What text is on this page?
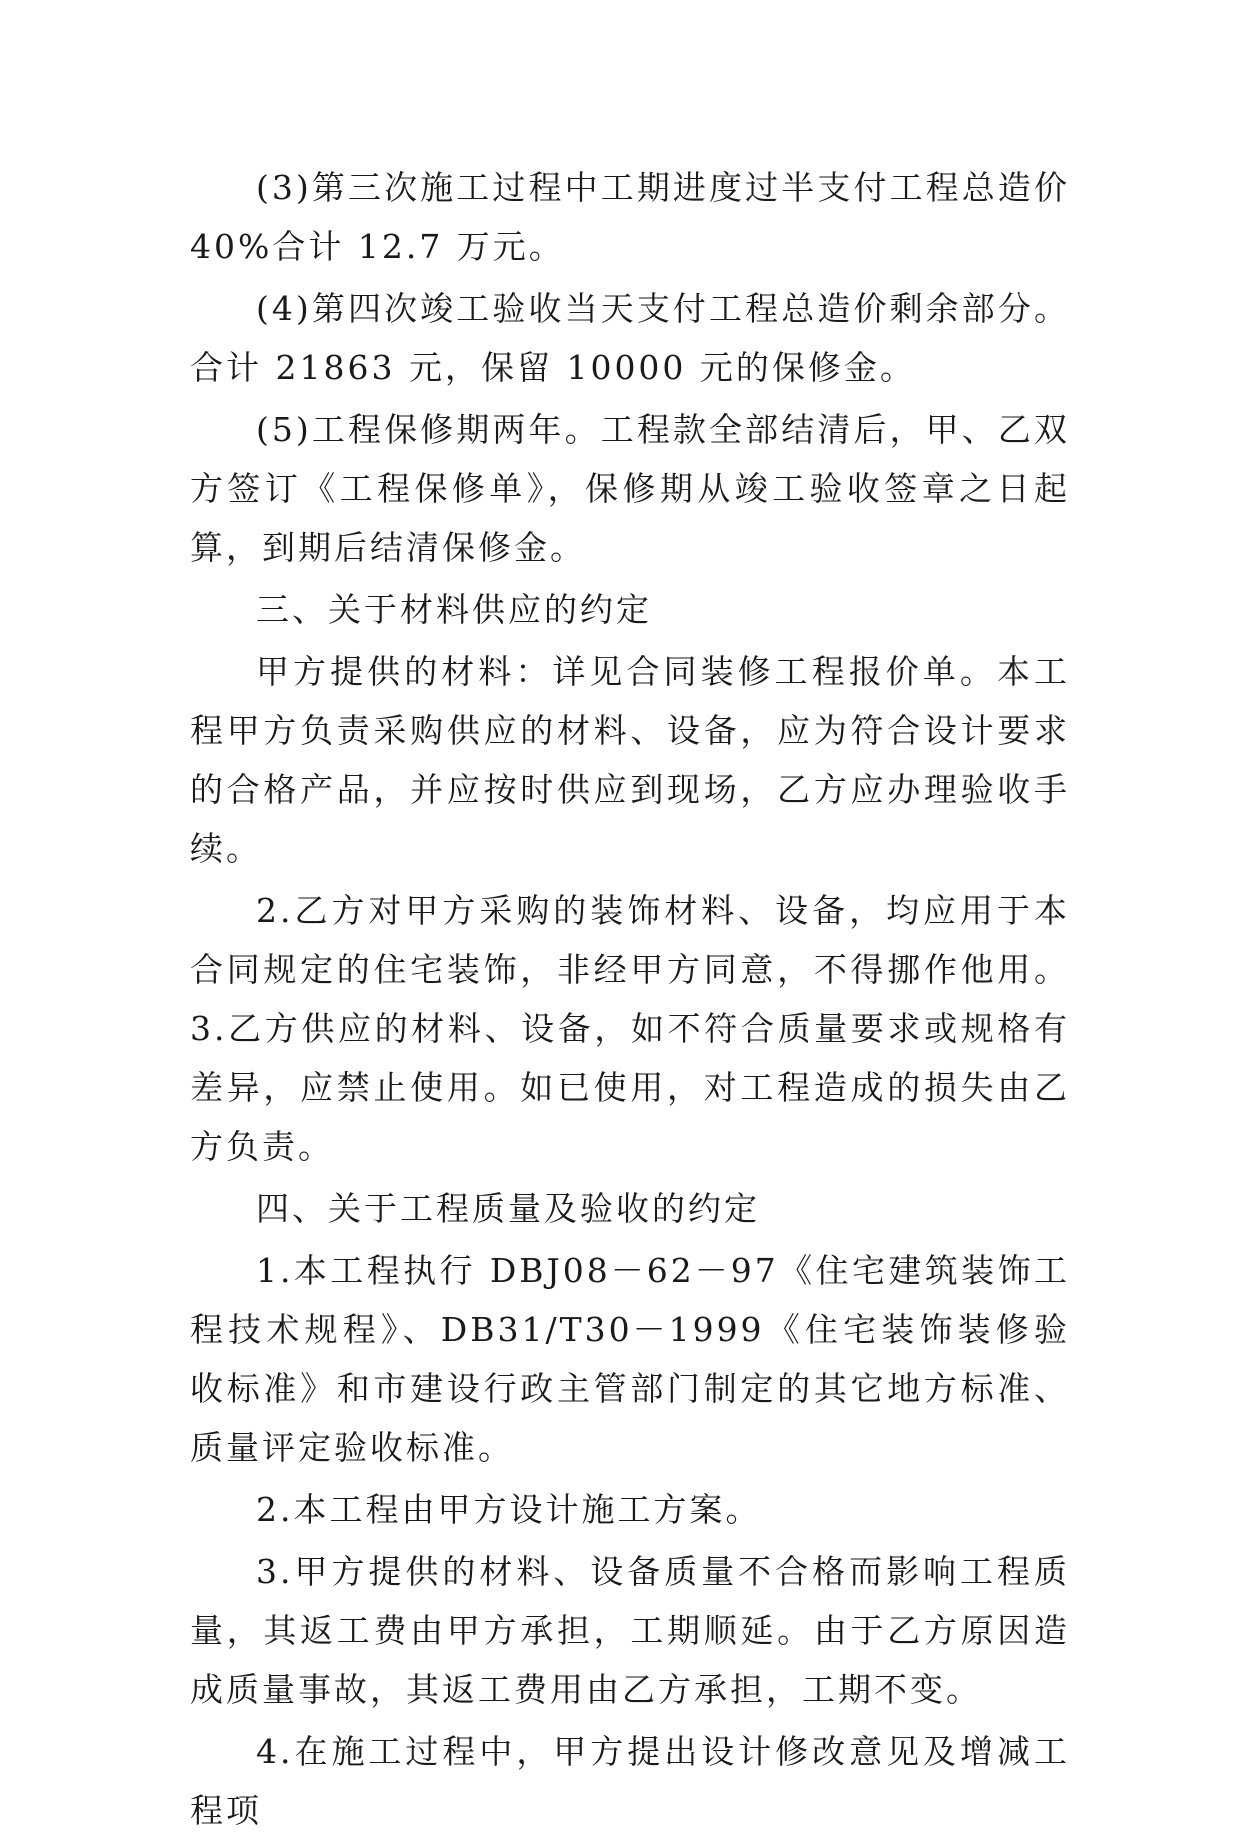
(3)第三次施工过程中工期进度过半支付工程总造价 40%合计 12.7 万元。

(4)第四次竣工验收当天支付工程总造价剩余部分。合计 21863 元，保留 10000 元的保修金。

(5)工程保修期两年。工程款全部结清后，甲、乙双方签订《工程保修单》，保修期从竣工验收签章之日起算，到期后结清保修金。

三、关于材料供应的约定

甲方提供的材料：详见合同装修工程报价单。本工程甲方负责采购供应的材料、设备，应为符合设计要求的合格产品，并应按时供应到现场，乙方应办理验收手续。

2.乙方对甲方采购的装饰材料、设备，均应用于本合同规定的住宅装饰，非经甲方同意，不得挪作他用。3.乙方供应的材料、设备，如不符合质量要求或规格有差异，应禁止使用。如已使用，对工程造成的损失由乙方负责。

四、关于工程质量及验收的约定

1.本工程执行 DBJ08－62－97《住宅建筑装饰工程技术规程》、DB31/T30－1999《住宅装饰装修验收标准》和市建设行政主管部门制定的其它地方标准、质量评定验收标准。

2.本工程由甲方设计施工方案。

3.甲方提供的材料、设备质量不合格而影响工程质量，其返工费由甲方承担，工期顺延。由于乙方原因造成质量事故，其返工费用由乙方承担，工期不变。

4.在施工过程中，甲方提出设计修改意见及增减工程项
